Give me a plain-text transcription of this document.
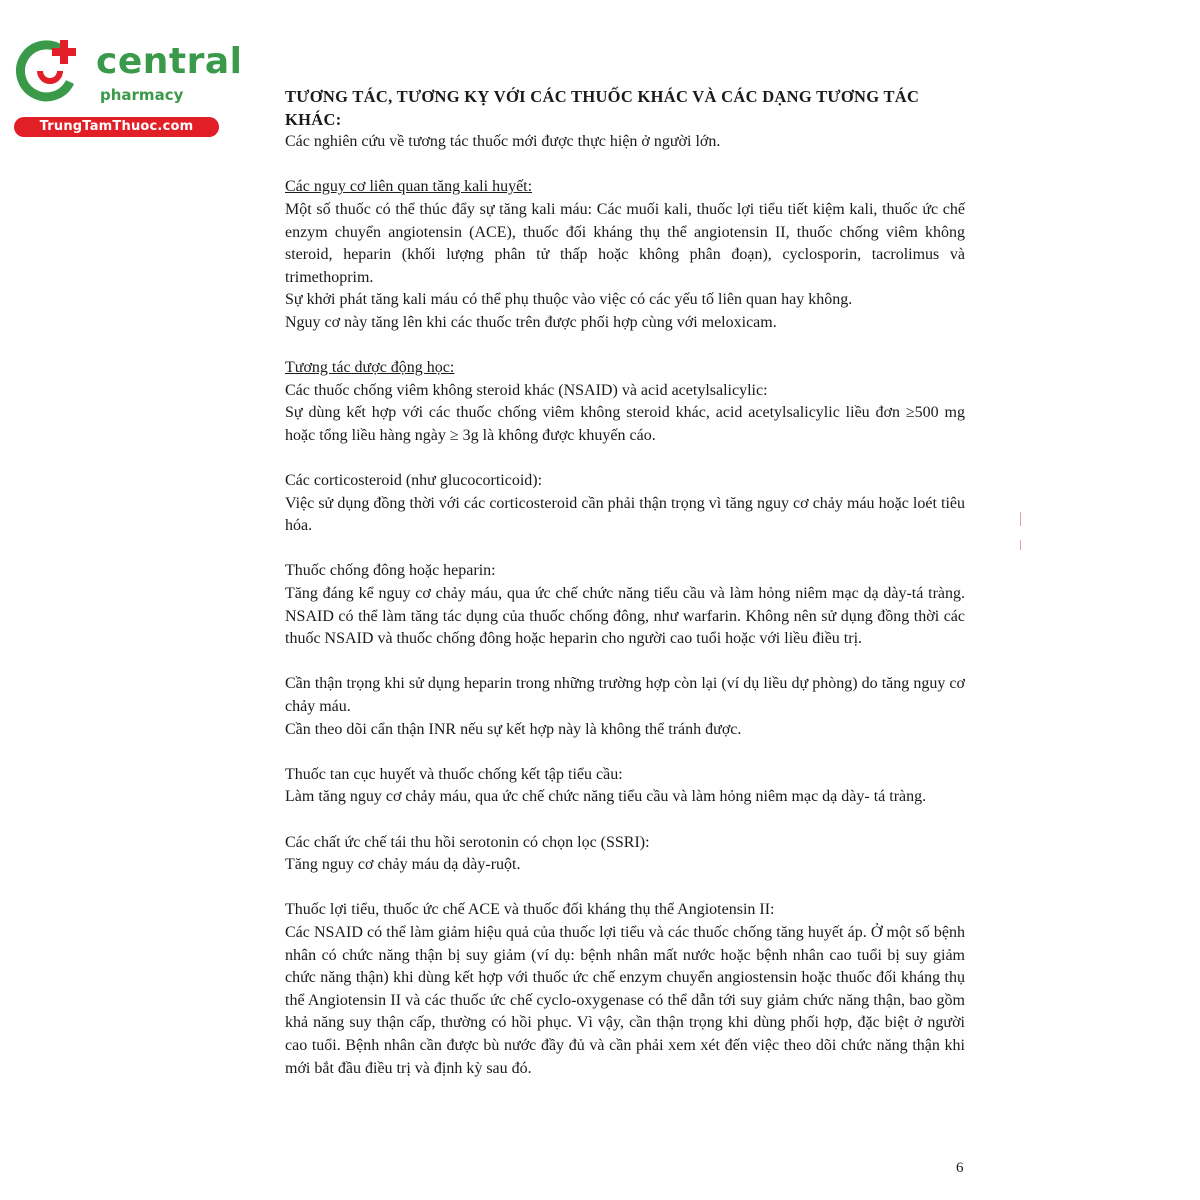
central
pharmacy
TrungTamThuoc.com

TƯƠNG TÁC, TƯƠNG KỴ VỚI CÁC THUỐC KHÁC VÀ CÁC DẠNG TƯƠNG TÁC KHÁC:

Các nghiên cứu về tương tác thuốc mới được thực hiện ở người lớn.

Các nguy cơ liên quan tăng kali huyết:

Một số thuốc có thể thúc đẩy sự tăng kali máu: Các muối kali, thuốc lợi tiểu tiết kiệm kali, thuốc ức chế enzym chuyển angiotensin (ACE), thuốc đối kháng thụ thể angiotensin II, thuốc chống viêm không steroid, heparin (khối lượng phân tử thấp hoặc không phân đoạn), cyclosporin, tacrolimus và trimethoprim.

Sự khởi phát tăng kali máu có thể phụ thuộc vào việc có các yếu tố liên quan hay không.

Nguy cơ này tăng lên khi các thuốc trên được phối hợp cùng với meloxicam.

Tương tác dược động học:

Các thuốc chống viêm không steroid khác (NSAID) và acid acetylsalicylic:

Sự dùng kết hợp với các thuốc chống viêm không steroid khác, acid acetylsalicylic liều đơn ≥500 mg hoặc tổng liều hàng ngày ≥ 3g là không được khuyến cáo.

Các corticosteroid (như glucocorticoid):

Việc sử dụng đồng thời với các corticosteroid cần phải thận trọng vì tăng nguy cơ chảy máu hoặc loét tiêu hóa.

Thuốc chống đông hoặc heparin:

Tăng đáng kể nguy cơ chảy máu, qua ức chế chức năng tiểu cầu và làm hỏng niêm mạc dạ dày-tá tràng. NSAID có thể làm tăng tác dụng của thuốc chống đông, như warfarin. Không nên sử dụng đồng thời các thuốc NSAID và thuốc chống đông hoặc heparin cho người cao tuổi hoặc với liều điều trị.

Cần thận trọng khi sử dụng heparin trong những trường hợp còn lại (ví dụ liều dự phòng) do tăng nguy cơ chảy máu.

Cần theo dõi cẩn thận INR nếu sự kết hợp này là không thể tránh được.

Thuốc tan cục huyết và thuốc chống kết tập tiểu cầu:

Làm tăng nguy cơ chảy máu, qua ức chế chức năng tiểu cầu và làm hỏng niêm mạc dạ dày- tá tràng.

Các chất ức chế tái thu hồi serotonin có chọn lọc (SSRI):

Tăng nguy cơ chảy máu dạ dày-ruột.

Thuốc lợi tiểu, thuốc ức chế ACE và thuốc đối kháng thụ thể Angiotensin II:

Các NSAID có thể làm giảm hiệu quả của thuốc lợi tiểu và các thuốc chống tăng huyết áp. Ở một số bệnh nhân có chức năng thận bị suy giảm (ví dụ: bệnh nhân mất nước hoặc bệnh nhân cao tuổi bị suy giảm chức năng thận) khi dùng kết hợp với thuốc ức chế enzym chuyển angiostensin hoặc thuốc đối kháng thụ thể Angiotensin II và các thuốc ức chế cyclo-oxygenase có thể dẫn tới suy giảm chức năng thận, bao gồm khả năng suy thận cấp, thường có hồi phục. Vì vậy, cần thận trọng khi dùng phối hợp, đặc biệt ở người cao tuổi. Bệnh nhân cần được bù nước đầy đủ và cần phải xem xét đến việc theo dõi chức năng thận khi mới bắt đầu điều trị và định kỳ sau đó.

6
